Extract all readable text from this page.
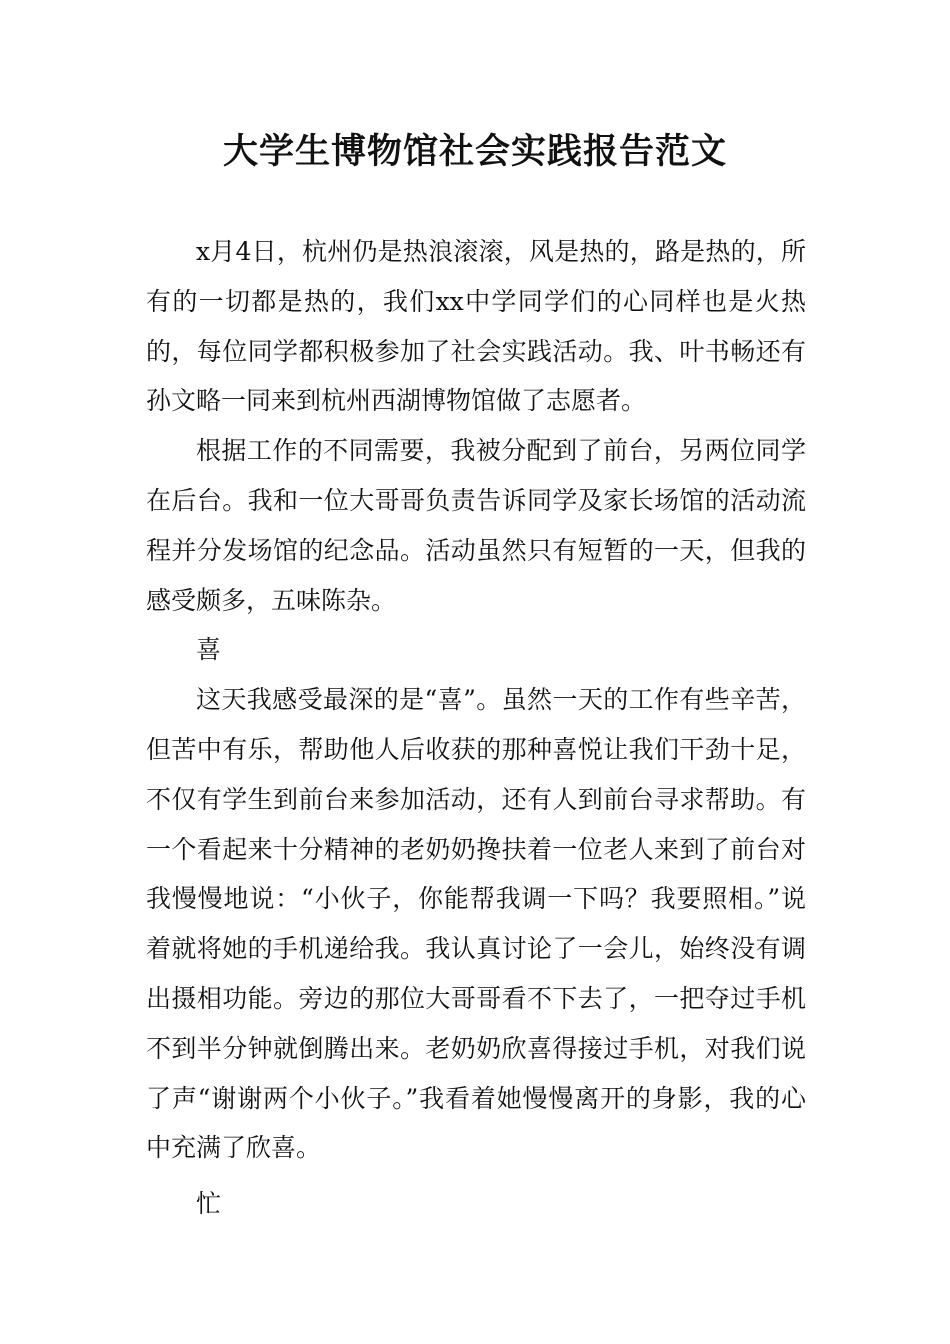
大学生博物馆社会实践报告范文

x月4日，杭州仍是热浪滚滚，风是热的，路是热的，所有的一切都是热的，我们xx中学同学们的心同样也是火热的，每位同学都积极参加了社会实践活动。我、叶书畅还有孙文略一同来到杭州西湖博物馆做了志愿者。

根据工作的不同需要，我被分配到了前台，另两位同学在后台。我和一位大哥哥负责告诉同学及家长场馆的活动流程并分发场馆的纪念品。活动虽然只有短暂的一天，但我的感受颇多，五味陈杂。

喜

这天我感受最深的是“喜”。虽然一天的工作有些辛苦，但苦中有乐，帮助他人后收获的那种喜悦让我们干劲十足，不仅有学生到前台来参加活动，还有人到前台寻求帮助。有一个看起来十分精神的老奶奶搀扶着一位老人来到了前台对我慢慢地说：“小伙子，你能帮我调一下吗？我要照相。”说着就将她的手机递给我。我认真讨论了一会儿，始终没有调出摄相功能。旁边的那位大哥哥看不下去了，一把夺过手机不到半分钟就倒腾出来。老奶奶欣喜得接过手机，对我们说了声“谢谢两个小伙子。”我看着她慢慢离开的身影，我的心中充满了欣喜。

忙
